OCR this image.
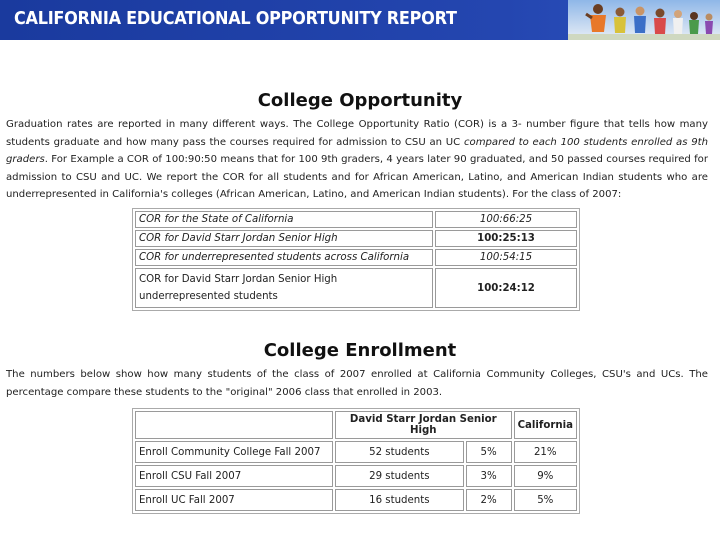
CALIFORNIA EDUCATIONAL OPPORTUNITY REPORT
College Opportunity
Graduation rates are reported in many different ways. The College Opportunity Ratio (COR) is a 3- number figure that tells how many students graduate and how many pass the courses required for admission to CSU an UC compared to each 100 students enrolled as 9th graders. For Example a COR of 100:90:50 means that for 100 9th graders, 4 years later 90 graduated, and 50 passed courses required for admission to CSU and UC. We report the COR for all students and for African American, Latino, and American Indian students who are underrepresented in California's colleges (African American, Latino, and American Indian students). For the class of 2007:
COR for the State of California	100:66:25
COR for David Starr Jordan Senior High	100:25:13
COR for underrepresented students across California	100:54:15
COR for David Starr Jordan Senior High underrepresented students	100:24:12
College Enrollment
The numbers below show how many students of the class of 2007 enrolled at California Community Colleges, CSU's and UCs. The percentage compare these students to the "original" 2006 class that enrolled in 2003.
	David Starr Jordan Senior High		California
Enroll Community College Fall 2007	52 students	5%	21%
Enroll CSU Fall 2007	29 students	3%	9%
Enroll UC Fall 2007	16 students	2%	5%
